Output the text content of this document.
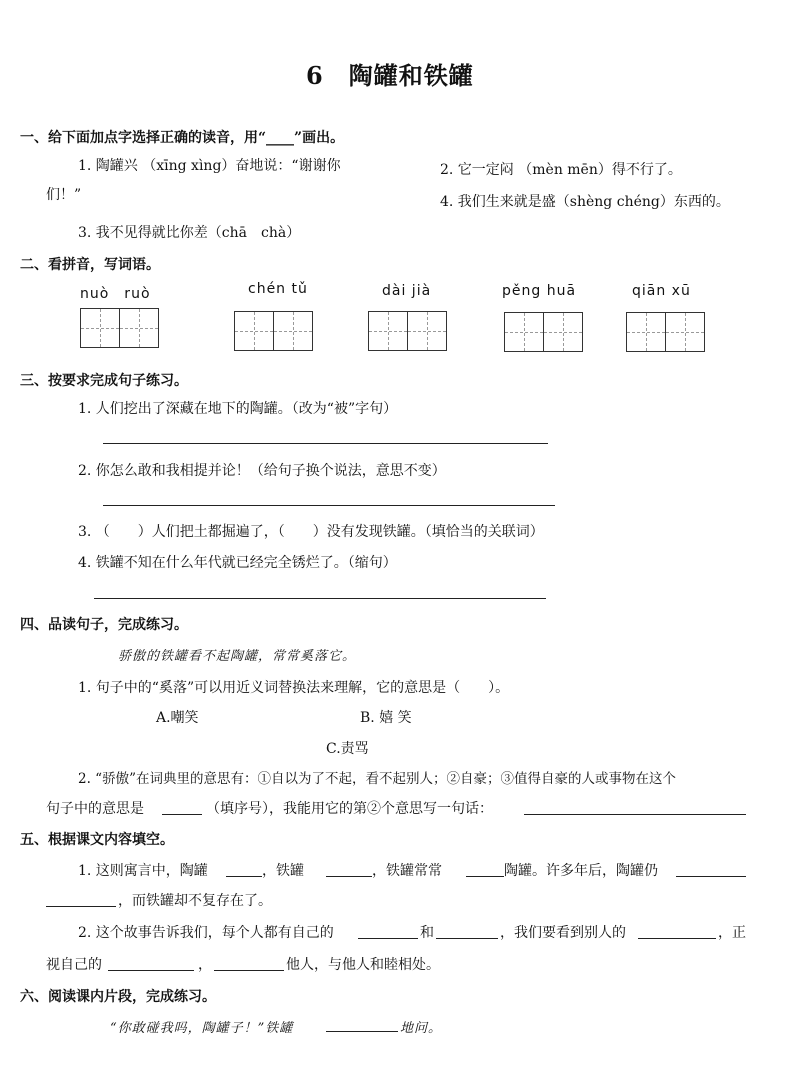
6　陶罐和铁罐
一、给下面加点字选择正确的读音，用“____”画出。
1. 陶罐兴 （xīng xìng）奋地说：“谢谢你
们！”
2. 它一定闷 （mèn mēn）得不行了。
3. 我不见得就比你差（chā　chà）
4. 我们生来就是盛（shèng chéng）东西的。
二、看拼音，写词语。
nuò　ruò	chén tǔ	dài jià	pěng huā	qiān xū
三、按要求完成句子练习。
1. 人们挖出了深藏在地下的陶罐。（改为“被”字句）
2. 你怎么敢和我相提并论！（给句子换个说法，意思不变）
3. （　　）人们把土都掘遍了，（　　）没有发现铁罐。（填恰当的关联词）
4. 铁罐不知在什么年代就已经完全锈烂了。（缩句）
四、品读句子，完成练习。
骄傲的铁罐看不起陶罐，常常奚落它。
1. 句子中的“奚落”可以用近义词替换法来理解，它的意思是（　　）。
A.嘲笑	B. 嬉 笑
C.责骂
2. “骄傲”在词典里的意思有：①自以为了不起，看不起别人；②自豪；③值得自豪的人或事物在这个
句子中的意思是	（填序号），我能用它的第②个意思写一句话：
五、根据课文内容填空。
1. 这则寓言中，陶罐	，铁罐	，铁罐常常	陶罐。许多年后，陶罐仍
，而铁罐却不复存在了。
2. 这个故事告诉我们，每个人都有自己的	和	，我们要看到别人的	，正
视自己的	，	他人，与他人和睦相处。
六、阅读课内片段，完成练习。
“你敢碰我吗，陶罐子！”铁罐	地问。
